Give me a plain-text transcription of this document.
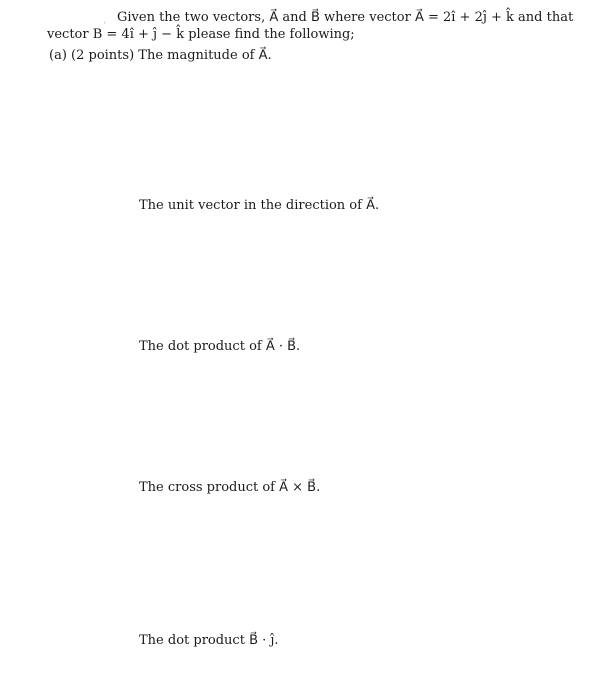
, Given the two vectors, A⃗ and B⃗ where vector A⃗ = 2î + 2ĵ + k̂ and that
vector B = 4î + ĵ − k̂ please find the following;
(a) (2 points) The magnitude of A⃗.
The unit vector in the direction of A⃗.
The dot product of A⃗ · B⃗.
The cross product of A⃗ × B⃗.
The dot product B⃗ · ĵ.
